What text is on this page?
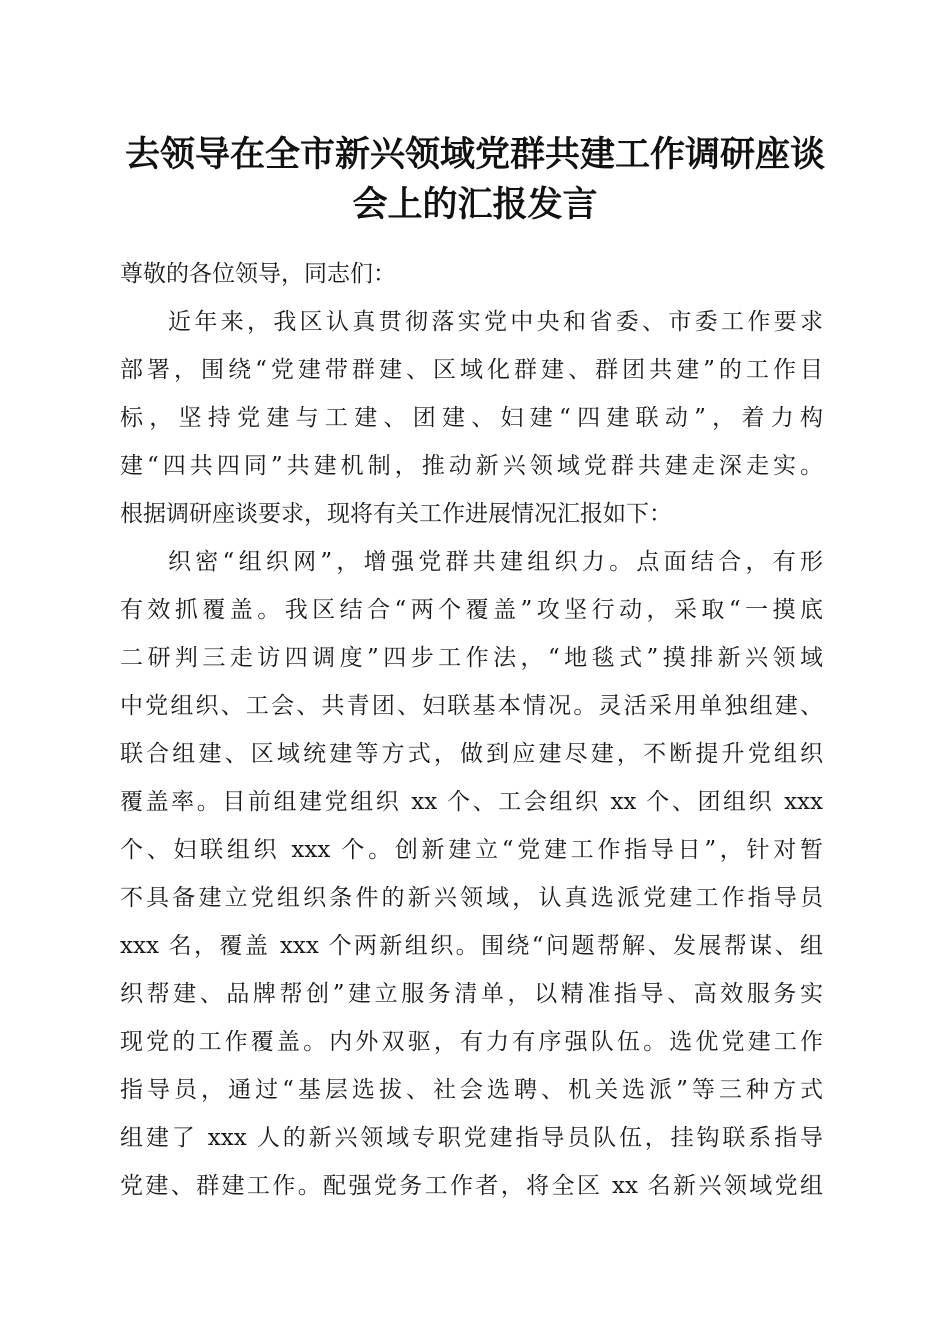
去领导在全市新兴领域党群共建工作调研座谈
会上的汇报发言
尊敬的各位领导，同志们：
近年来，我区认真贯彻落实党中央和省委、市委工作要求
部署，围绕“党建带群建、区域化群建、群团共建”的工作目
标，坚持党建与工建、团建、妇建“四建联动”，着力构
建“四共四同”共建机制，推动新兴领域党群共建走深走实。
根据调研座谈要求，现将有关工作进展情况汇报如下：
织密“组织网”，增强党群共建组织力。点面结合，有形
有效抓覆盖。我区结合“两个覆盖”攻坚行动，采取“一摸底
二研判三走访四调度”四步工作法，“地毯式”摸排新兴领域
中党组织、工会、共青团、妇联基本情况。灵活采用单独组建、
联合组建、区域统建等方式，做到应建尽建，不断提升党组织
覆盖率。目前组建党组织 xx 个、工会组织 xx 个、团组织 xxx
个、妇联组织 xxx 个。创新建立“党建工作指导日”，针对暂
不具备建立党组织条件的新兴领域，认真选派党建工作指导员
xxx 名，覆盖 xxx 个两新组织。围绕“问题帮解、发展帮谋、组
织帮建、品牌帮创”建立服务清单，以精准指导、高效服务实
现党的工作覆盖。内外双驱，有力有序强队伍。选优党建工作
指导员，通过“基层选拔、社会选聘、机关选派”等三种方式
组建了 xxx 人的新兴领域专职党建指导员队伍，挂钩联系指导
党建、群建工作。配强党务工作者，将全区 xx 名新兴领域党组
